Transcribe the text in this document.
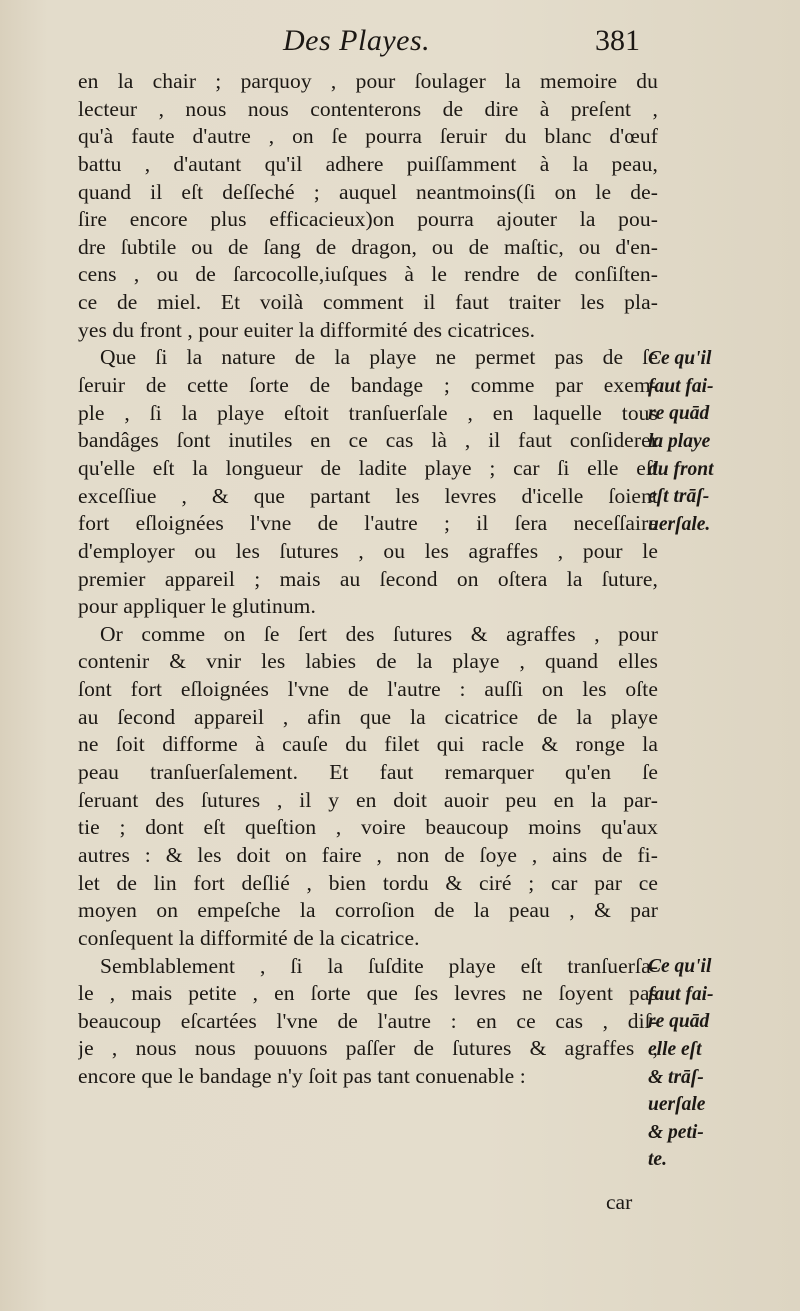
Des Playes.	381
en la chair ; parquoy , pour ſoulager la memoire du
lecteur , nous nous contenterons de dire à preſent ,
qu'à faute d'autre , on ſe pourra ſeruir du blanc d'œuf
battu , d'autant qu'il adhere puiſſamment à la peau,
quand il eſt deſſeché ; auquel neantmoins(ſi on le de-
ſire encore plus efficacieux)on pourra ajouter la pou-
dre ſubtile ou de ſang de dragon, ou de maſtic, ou d'en-
cens , ou de ſarcocolle,iuſques à le rendre de conſiſten-
ce de miel. Et voilà comment il faut traiter les pla-
yes du front , pour euiter la difformité des cicatrices.
Que ſi la nature de la playe ne permet pas de ſe
ſeruir de cette ſorte de bandage ; comme par exem-
ple , ſi la playe eſtoit tranſuerſale , en laquelle tous
bandâges ſont inutiles en ce cas là , il faut conſiderer
qu'elle eſt la longueur de ladite playe ; car ſi elle eſt
exceſſiue , & que partant les levres d'icelle ſoient
fort eſloignées l'vne de l'autre ; il ſera neceſſaire
d'employer ou les ſutures , ou les agraffes , pour le
premier appareil ; mais au ſecond on oſtera la ſuture,
pour appliquer le glutinum.
Or comme on ſe ſert des ſutures & agraffes , pour
contenir & vnir les labies de la playe , quand elles
ſont fort eſloignées l'vne de l'autre : auſſi on les oſte
au ſecond appareil , afin que la cicatrice de la playe
ne ſoit difforme à cauſe du filet qui racle & ronge la
peau tranſuerſalement. Et faut remarquer qu'en ſe
ſeruant des ſutures , il y en doit auoir peu en la par-
tie ; dont eſt queſtion , voire beaucoup moins qu'aux
autres : & les doit on faire , non de ſoye , ains de fi-
let de lin fort deſlié , bien tordu & ciré ; car par ce
moyen on empeſche la corroſion de la peau , & par
conſequent la difformité de la cicatrice.
Semblablement , ſi la ſuſdite playe eſt tranſuerſa-
le , mais petite , en ſorte que ſes levres ne ſoyent pas
beaucoup eſcartées l'vne de l'autre : en ce cas , diſ-
je , nous nous pouuons paſſer de ſutures & agraffes ,
encore que le bandage n'y ſoit pas tant conuenable :
Ce qu'il
faut fai-
re quād
la playe
du front
eſt trāſ-
uerſale.
Ce qu'il
faut fai-
re quād
elle eſt
& trāſ-
uerſale
& peti-
te.
car
